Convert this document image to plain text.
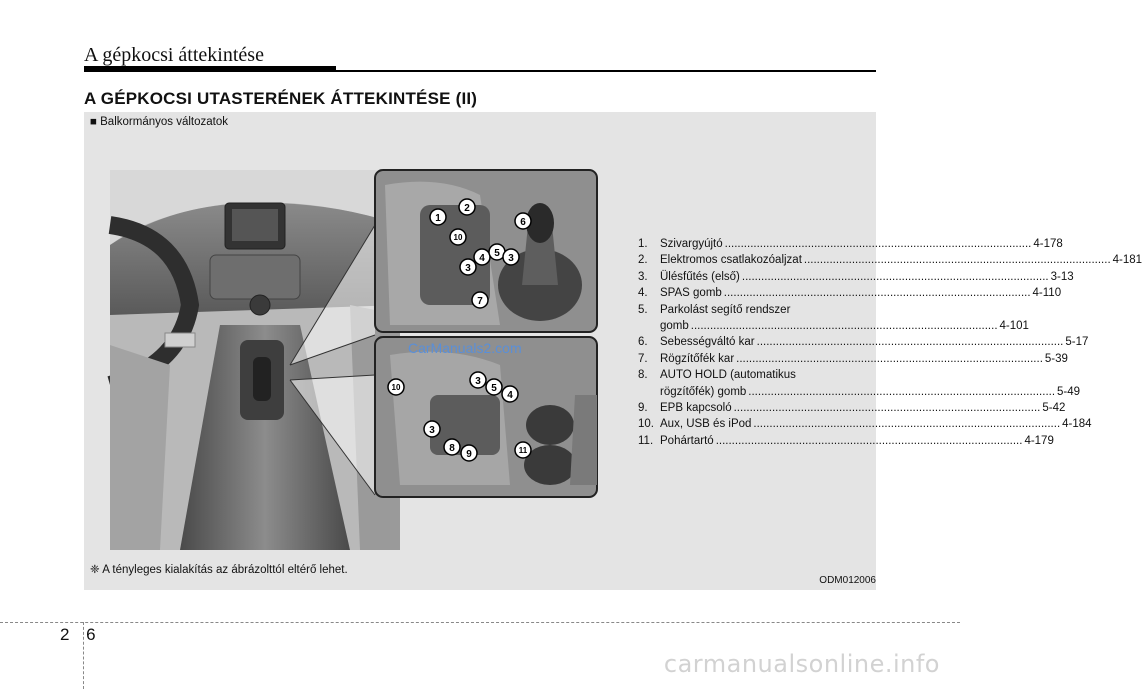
A gépkocsi áttekintése
A GÉPKOCSI UTASTERÉNEK ÁTTEKINTÉSE (II)
■ Balkormányos változatok
1
2
6
10
4 5 3
3
7
10
3
5
4
3
8
9	11
CarManuals2.com
1.	Szivargyújtó .....	4-178
2.	Elektromos csatlakozóaljzat .....	4-181
3.	Ülésfűtés (első) .....	3-13
4.	SPAS gomb .....	4-110
5.	Parkolást segítő rendszer
gomb .....	4-101
6.	Sebességváltó kar .....	5-17
7.	Rögzítőfék kar .....	5-39
8.	AUTO HOLD (automatikus
rögzítőfék) gomb .....	5-49
9.	EPB kapcsoló .....	5-42
10. Aux, USB és iPod .....	4-184
11. Pohártartó .....	4-179
❈ A tényleges kialakítás az ábrázolttól eltérő lehet.
ODM012006
2 6
carmanualsonline.info
